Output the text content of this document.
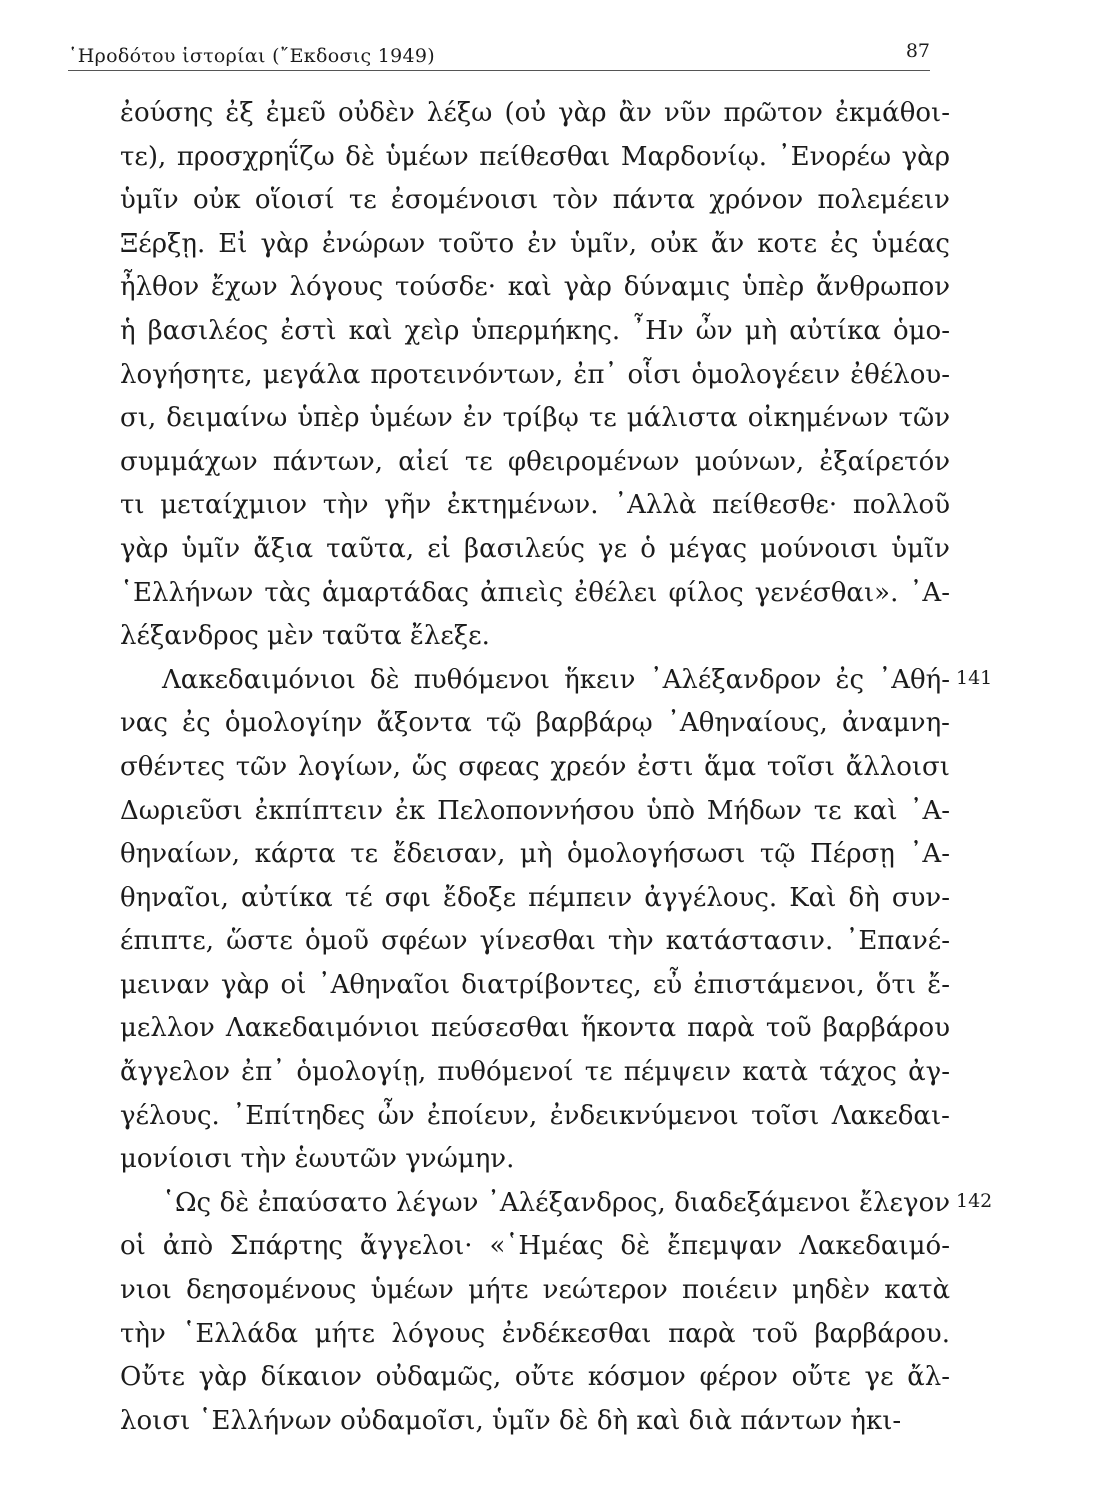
῾Ηροδότου ἱστορίαι (῎Εκδοσις 1949)	87
ἐούσης ἐξ ἐμεῦ οὐδὲν λέξω (οὐ γὰρ ἂν νῦν πρῶτον ἐκμάθοι-
τε), προσχρηΐζω δὲ ὑμέων πείθεσθαι Μαρδονίῳ. ᾿Ενορέω γὰρ
ὑμῖν οὐκ οἵοισί τε ἐσομένοισι τὸν πάντα χρόνον πολεμέειν
Ξέρξῃ. Εἰ γὰρ ἐνώρων τοῦτο ἐν ὑμῖν, οὐκ ἄν κοτε ἐς ὑμέας
ἦλθον ἔχων λόγους τούσδε· καὶ γὰρ δύναμις ὑπὲρ ἄνθρωπον
ἡ βασιλέος ἐστὶ καὶ χεὶρ ὑπερμήκης. ῏Ην ὦν μὴ αὐτίκα ὁμο-
λογήσητε, μεγάλα προτεινόντων, ἐπ᾿ οἷσι ὁμολογέειν ἐθέλου-
σι, δειμαίνω ὑπὲρ ὑμέων ἐν τρίβῳ τε μάλιστα οἰκημένων τῶν
συμμάχων πάντων, αἰεί τε φθειρομένων μούνων, ἐξαίρετόν
τι μεταίχμιον τὴν γῆν ἐκτημένων. ᾿Αλλὰ πείθεσθε· πολλοῦ
γὰρ ὑμῖν ἄξια ταῦτα, εἰ βασιλεύς γε ὁ μέγας μούνοισι ὑμῖν
῾Ελλήνων τὰς ἁμαρτάδας ἀπιεὶς ἐθέλει φίλος γενέσθαι». ᾿Α-
λέξανδρος μὲν ταῦτα ἔλεξε.
Λακεδαιμόνιοι δὲ πυθόμενοι ἥκειν ᾿Αλέξανδρον ἐς ᾿Αθή- 141
νας ἐς ὁμολογίην ἄξοντα τῷ βαρβάρῳ ᾿Αθηναίους, ἀναμνη-
σθέντες τῶν λογίων, ὥς σφεας χρεόν ἐστι ἅμα τοῖσι ἄλλοισι
Δωριεῦσι ἐκπίπτειν ἐκ Πελοποννήσου ὑπὸ Μήδων τε καὶ ᾿Α-
θηναίων, κάρτα τε ἔδεισαν, μὴ ὁμολογήσωσι τῷ Πέρσῃ ᾿Α-
θηναῖοι, αὐτίκα τέ σφι ἔδοξε πέμπειν ἀγγέλους. Καὶ δὴ συν-
έπιπτε, ὥστε ὁμοῦ σφέων γίνεσθαι τὴν κατάστασιν. ᾿Επανέ-
μειναν γὰρ οἱ ᾿Αθηναῖοι διατρίβοντες, εὖ ἐπιστάμενοι, ὅτι ἔ-
μελλον Λακεδαιμόνιοι πεύσεσθαι ἥκοντα παρὰ τοῦ βαρβάρου
ἄγγελον ἐπ᾿ ὁμολογίῃ, πυθόμενοί τε πέμψειν κατὰ τάχος ἀγ-
γέλους. ᾿Επίτηδες ὦν ἐποίευν, ἐνδεικνύμενοι τοῖσι Λακεδαι-
μονίοισι τὴν ἑωυτῶν γνώμην.
῾Ως δὲ ἐπαύσατο λέγων ᾿Αλέξανδρος, διαδεξάμενοι ἔλεγον 142
οἱ ἀπὸ Σπάρτης ἄγγελοι· «῾Ημέας δὲ ἔπεμψαν Λακεδαιμό-
νιοι δεησομένους ὑμέων μήτε νεώτερον ποιέειν μηδὲν κατὰ
τὴν ῾Ελλάδα μήτε λόγους ἐνδέκεσθαι παρὰ τοῦ βαρβάρου.
Οὔτε γὰρ δίκαιον οὐδαμῶς, οὔτε κόσμον φέρον οὔτε γε ἄλ-
λοισι ῾Ελλήνων οὐδαμοῖσι, ὑμῖν δὲ δὴ καὶ διὰ πάντων ἠκι-
